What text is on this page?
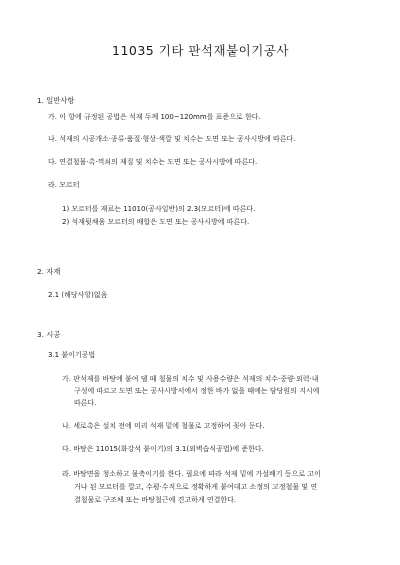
11035 기타 판석재붙이기공사
1. 일반사항
가. 이 항에 규정된 공법은 석재 두께 100~120mm를 표준으로 한다.
나. 석재의 시공개소·종류·품질·형상·색깔 및 치수는 도면 또는 공사시방에 따른다.
다. 연결철물·촉·꺽쇠의 재질 및 치수는 도면 또는 공사시방에 따른다.
라. 모르터
1) 모르터를 재료는 11010(공사일반)의 2.3(모르터)에 따른다.
2) 석재뒷채움 모르터의 배합은 도면 또는 공사시방에 따른다.
2. 자재
2.1 (해당사항)없음
3. 시공
3.1 붙이기공법
가. 판석재를 바탕에 붙여 댈 때 철물의 치수 및 사용수량은 석재의 치수·중량·외력·내
구성에 따르고 도면 또는 공사시방서에서 정한 바가 없을 때에는 담당원의 지시에
따른다.
나. 세로촉은 설치 전에 미리 석재 밑에 철물로 고정하여 꽂아 둔다.
다. 바탕은 11015(화강석 붙이기)의 3.1(외벽습식공법)에 준한다.
라. 바탕면을 청소하고 물축이기를 한다. 필요에 따라 석재 밑에 가설배기 등으로 고이
거나 된 모르터를 깔고, 수평·수직으로 정확하게 붙여대고 소정의 고정철물 및 연
결철물로 구조체 또는 바탕철근에 견고하게 연결한다.
